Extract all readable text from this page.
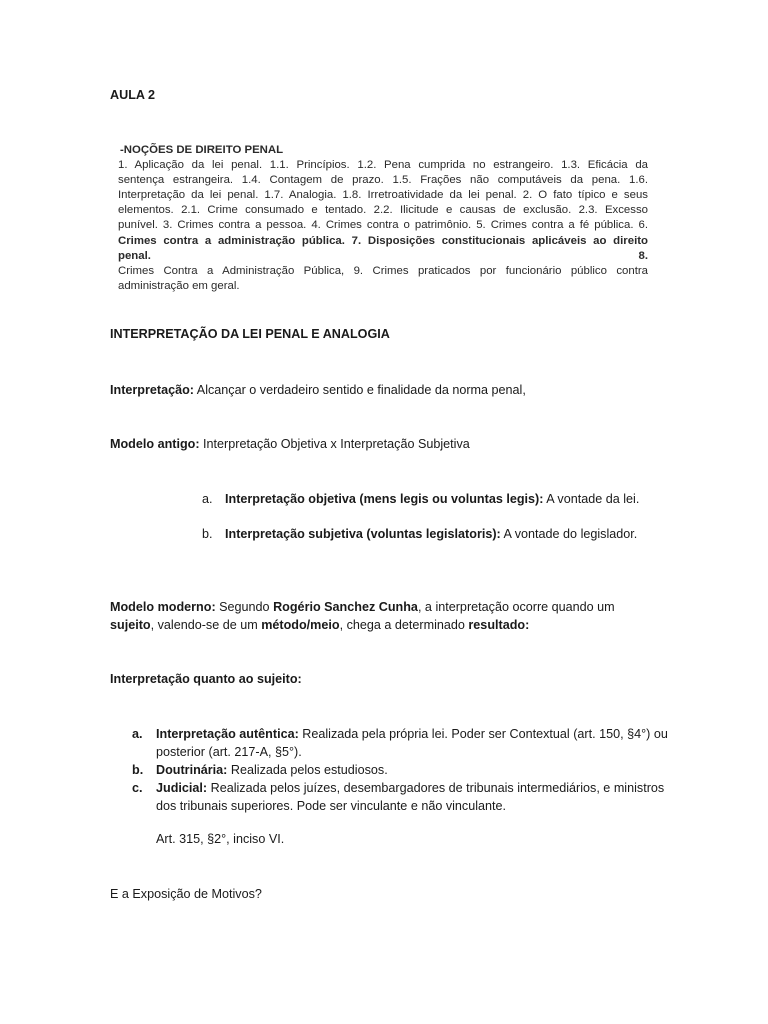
AULA 2
-NOÇÕES DE DIREITO PENAL
1. Aplicação da lei penal. 1.1. Princípios. 1.2. Pena cumprida no estrangeiro. 1.3. Eficácia da
sentença estrangeira. 1.4. Contagem de prazo. 1.5. Frações não computáveis da pena. 1.6.
Interpretação da lei penal. 1.7. Analogia. 1.8. Irretroatividade da lei penal. 2. O fato típico e seus
elementos. 2.1. Crime consumado e tentado. 2.2. Ilicitude e causas de exclusão. 2.3. Excesso
punível. 3. Crimes contra a pessoa. 4. Crimes contra o patrimônio. 5. Crimes contra a fé pública. 6.
Crimes contra a administração pública. 7. Disposições constitucionais aplicáveis ao direito penal. 8.
Crimes Contra a Administração Pública, 9. Crimes praticados por funcionário público contra
administração em geral.
INTERPRETAÇÃO DA LEI PENAL E ANALOGIA
Interpretação: Alcançar o verdadeiro sentido e finalidade da norma penal,
Modelo antigo: Interpretação Objetiva x Interpretação Subjetiva
a. Interpretação objetiva (mens legis ou voluntas legis): A vontade da lei.
b. Interpretação subjetiva (voluntas legislatoris): A vontade do legislador.
Modelo moderno: Segundo Rogério Sanchez Cunha, a interpretação ocorre quando um
sujeito, valendo-se de um método/meio, chega a determinado resultado:
Interpretação quanto ao sujeito:
a. Interpretação autêntica: Realizada pela própria lei. Poder ser Contextual (art. 150, §4°) ou posterior (art. 217-A, §5°).
b. Doutrinária: Realizada pelos estudiosos.
c. Judicial: Realizada pelos juízes, desembargadores de tribunais intermediários, e ministros dos tribunais superiores. Pode ser vinculante e não vinculante.
Art. 315, §2°, inciso VI.
E a Exposição de Motivos?
